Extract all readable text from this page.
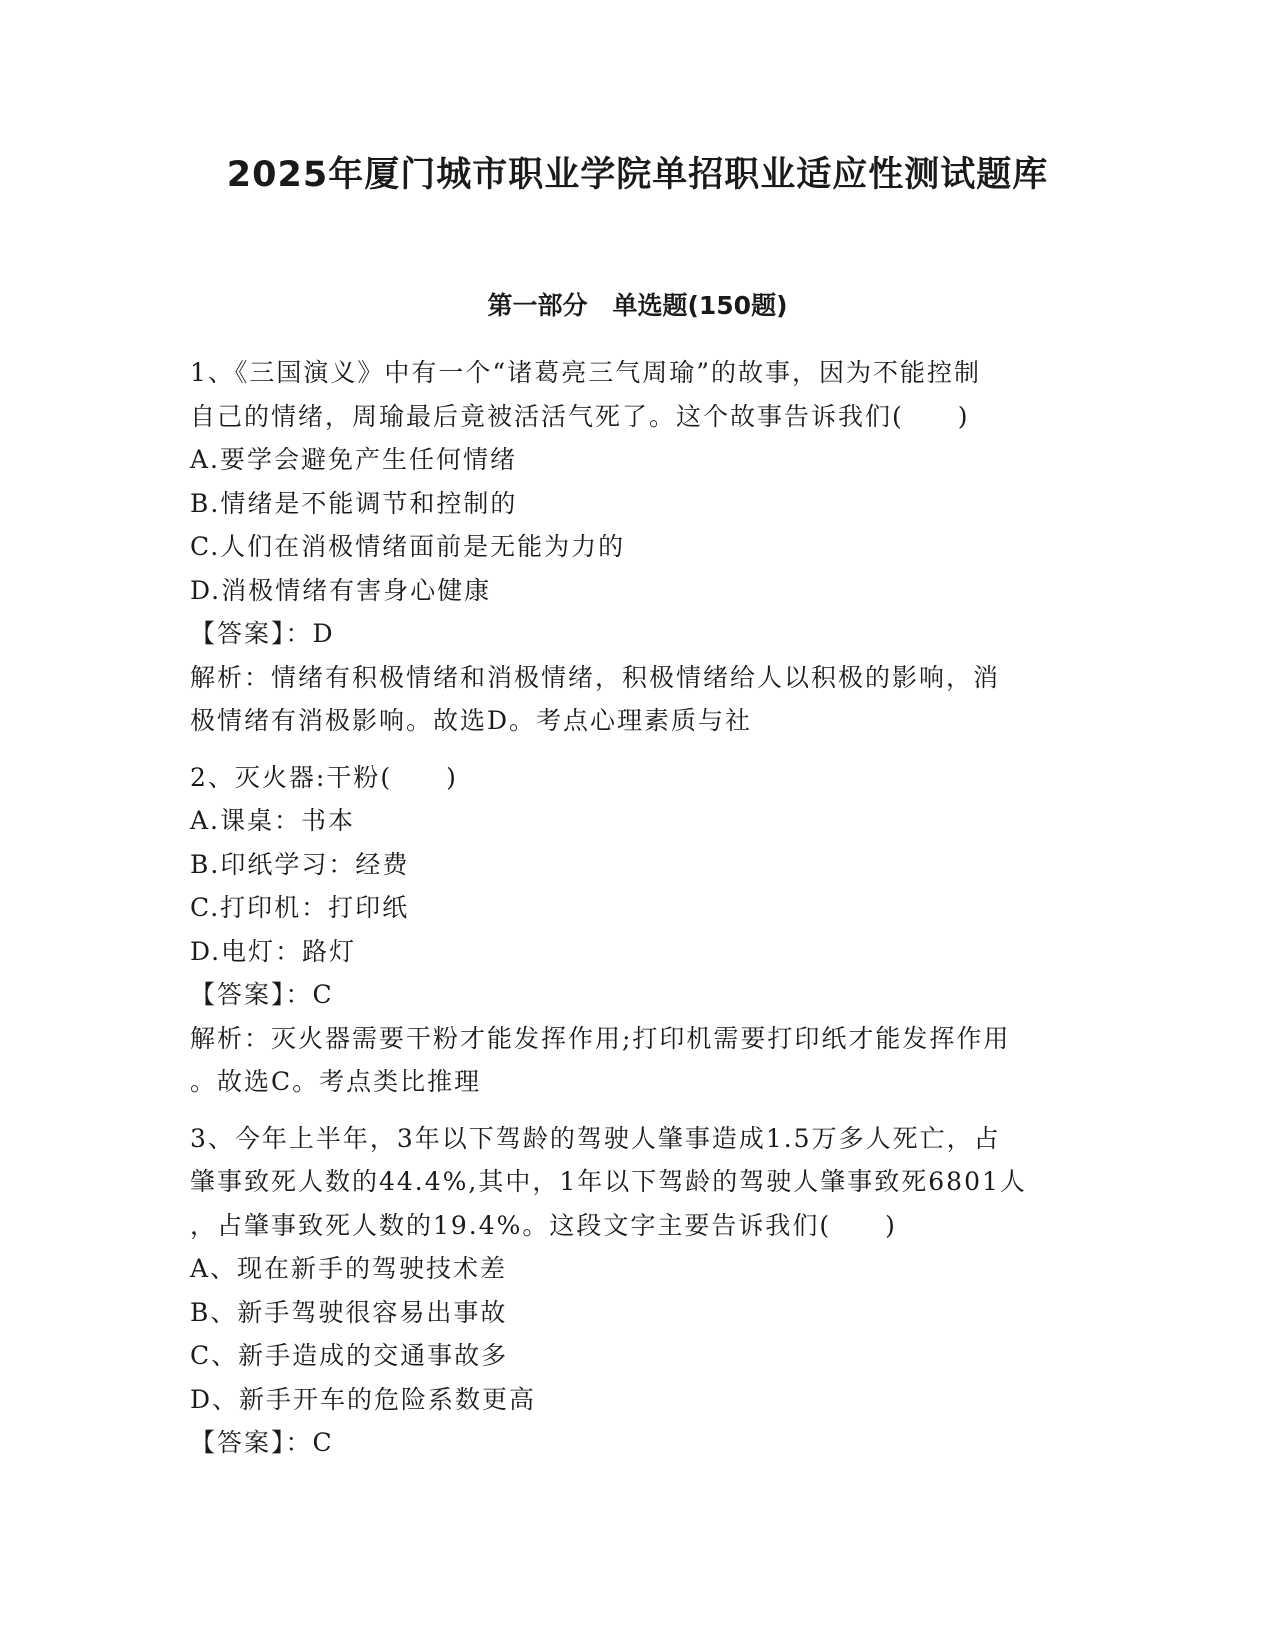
2025年厦门城市职业学院单招职业适应性测试题库
第一部分　单选题(150题)
1、《三国演义》中有一个“诸葛亮三气周瑜”的故事，因为不能控制
自己的情绪，周瑜最后竟被活活气死了。这个故事告诉我们(　　)
A.要学会避免产生任何情绪
B.情绪是不能调节和控制的
C.人们在消极情绪面前是无能为力的
D.消极情绪有害身心健康
【答案】：D
解析：情绪有积极情绪和消极情绪，积极情绪给人以积极的影响，消
极情绪有消极影响。故选D。考点心理素质与社
2、灭火器:干粉(　　)
A.课桌：书本
B.印纸学习：经费
C.打印机：打印纸
D.电灯：路灯
【答案】：C
解析：灭火器需要干粉才能发挥作用;打印机需要打印纸才能发挥作用
。故选C。考点类比推理
3、今年上半年，3年以下驾龄的驾驶人肇事造成1.5万多人死亡，占
肇事致死人数的44.4%,其中，1年以下驾龄的驾驶人肇事致死6801人
，占肇事致死人数的19.4%。这段文字主要告诉我们(　　)
A、现在新手的驾驶技术差
B、新手驾驶很容易出事故
C、新手造成的交通事故多
D、新手开车的危险系数更高
【答案】：C
